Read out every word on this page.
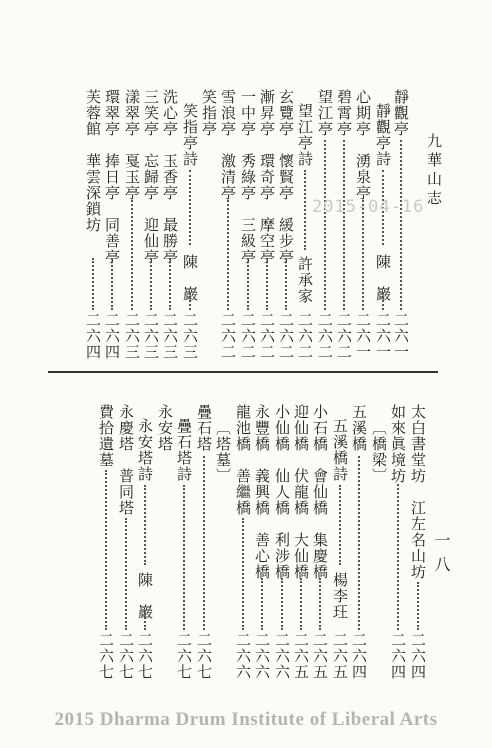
九華山志
一八
靜觀亭
二六一
靜觀亭詩
陳　巖
二六一
心期亭　湧泉亭
二六一
碧霄亭
二六二
望江亭
二六二
望江亭詩
許承家
二六二
玄覽亭　懷賢亭　緩步亭
二六二
漸昇亭　環奇亭　摩空亭
二六二
一中亭　秀綠亭　三級亭
二六二
雪浪亭　激清亭
二六二
笑指亭
笑指亭詩
陳　巖
二六三
洗心亭　玉香亭　最勝亭
二六三
三笑亭　忘歸亭　迎仙亭
二六三
漾翠亭　戛玉亭
二六三
環翠亭　捧日亭　同善亭
二六四
芙蓉館　華雲深鎖坊
二六四
太白書堂坊　江左名山坊
二六四
如來眞境坊
二六四
〔橋梁〕
五溪橋
二六四
五溪橋詩
楊李玨
二六五
小石橋　會仙橋　集慶橋
二六五
迎仙橋　伏龍橋　大仙橋
二六五
小仙橋　仙人橋　利涉橋
二六六
永豐橋　義興橋　善心橋
二六六
龍池橋　善繼橋
二六六
〔塔墓〕
疊石塔
二六七
疊石塔詩
二六七
永安塔
永安塔詩
陳　巖
二六七
永慶塔　普同塔
二六七
費拾遺墓
二六七
2015-04-16
2015 Dharma Drum Institute of Liberal Arts
